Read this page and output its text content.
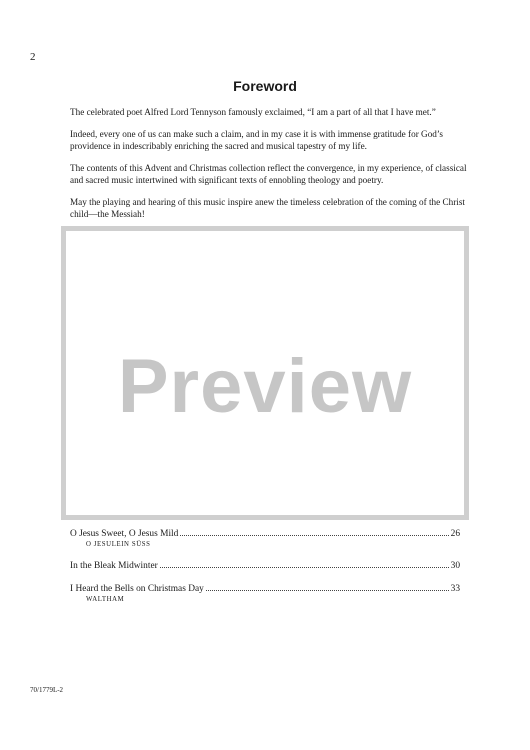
2
Foreword

The celebrated poet Alfred Lord Tennyson famously exclaimed, “I am a part of all that I have met.”

Indeed, every one of us can make such a claim, and in my case it is with immense gratitude for God’s providence in indescribably enriching the sacred and musical tapestry of my life.

The contents of this Advent and Christmas collection reflect the convergence, in my experience, of classical and sacred music intertwined with significant texts of ennobling theology and poetry.

May the playing and hearing of this music inspire anew the timeless celebration of the coming of the Christ child—the Messiah!

Preview
O Jesus Sweet, O Jesus Mild	26
O JESULEIN SÜSS
In the Bleak Midwinter	30
I Heard the Bells on Christmas Day	33
WALTHAM
70/1779L-2
